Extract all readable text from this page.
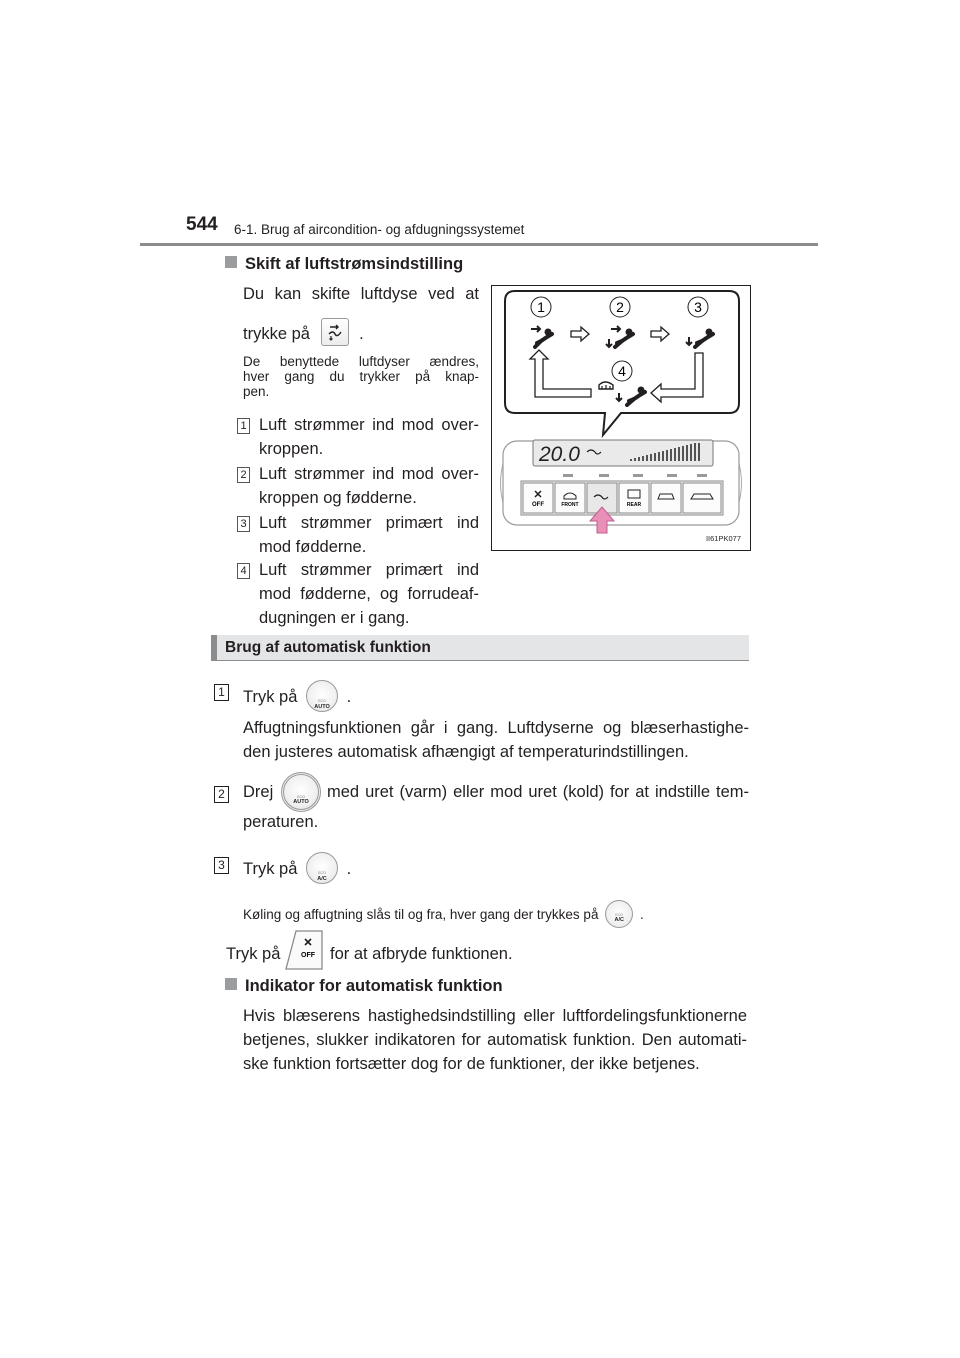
544 6-1. Brug af aircondition- og afdugningssystemet
Skift af luftstrømsindstilling
Du kan skifte luftdyse ved at
trykke på	.
De benyttede luftdyser ændres,
hver gang du trykker på knap-
pen.
1 Luft strømmer ind mod over-
kroppen.
2 Luft strømmer ind mod over-
kroppen og fødderne.
3 Luft strømmer primært ind
mod fødderne.
4 Luft strømmer primært ind
mod fødderne, og forrudeaf-
dugningen er i gang.
1	2	3
4
20.0
OFF	FRONT	REAR
II61PK077
Brug af automatisk funktion
1 Tryk på	ECO
AUTO
.
Affugtningsfunktionen går i gang. Luftdyserne og blæserhastighe-
den justeres automatisk afhængigt af temperaturindstillingen.
2 Drej	ECO
AUTO
med uret (varm) eller mod uret (kold) for at indstille tem-
peraturen.
3 Tryk på	ECO
A/C
.
Køling og affugtning slås til og fra, hver gang der trykkes på	ECO
A/C	.
Tryk på	OFF for at afbryde funktionen.
Indikator for automatisk funktion
Hvis blæserens hastighedsindstilling eller luftfordelingsfunktionerne
betjenes, slukker indikatoren for automatisk funktion. Den automati-
ske funktion fortsætter dog for de funktioner, der ikke betjenes.
